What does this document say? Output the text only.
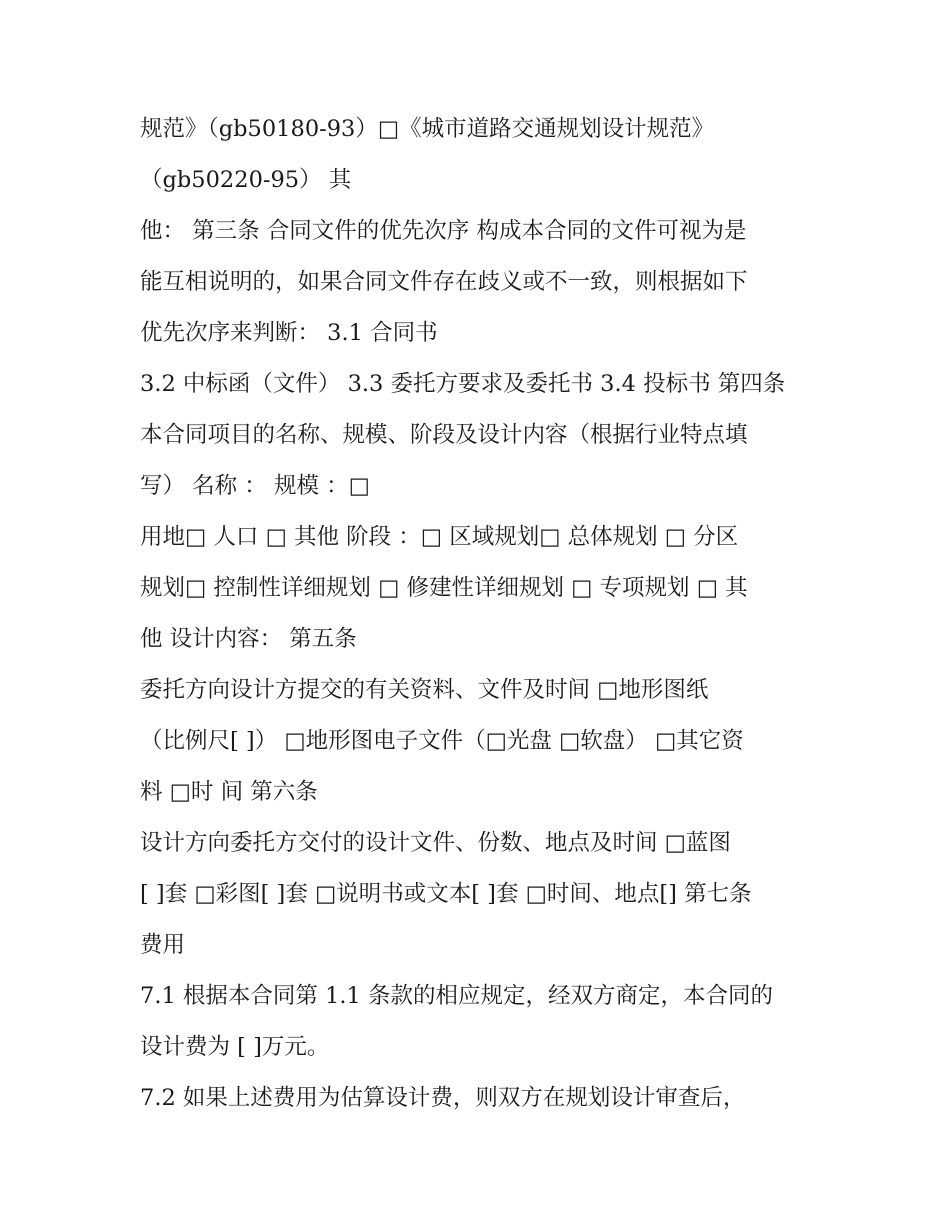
规范》（gb50180-93）□《城市道路交通规划设计规范》
（gb50220-95） 其
他： 第三条 合同文件的优先次序 构成本合同的文件可视为是
能互相说明的，如果合同文件存在歧义或不一致，则根据如下
优先次序来判断： 3.1 合同书
3.2 中标函（文件） 3.3 委托方要求及委托书 3.4 投标书 第四条
本合同项目的名称、规模、阶段及设计内容（根据行业特点填
写） 名称 ： 规模 ：□
用地□ 人口 □ 其他 阶段 ：□ 区域规划□ 总体规划 □ 分区
规划□ 控制性详细规划 □ 修建性详细规划 □ 专项规划 □ 其
他 设计内容： 第五条
委托方向设计方提交的有关资料、文件及时间 □地形图纸
（比例尺[ ]） □地形图电子文件（□光盘 □软盘） □其它资
料 □时 间 第六条
设计方向委托方交付的设计文件、份数、地点及时间 □蓝图
[ ]套 □彩图[ ]套 □说明书或文本[ ]套 □时间、地点[] 第七条
费用
7.1 根据本合同第 1.1 条款的相应规定，经双方商定，本合同的
设计费为 [ ]万元。
7.2 如果上述费用为估算设计费，则双方在规划设计审查后，
